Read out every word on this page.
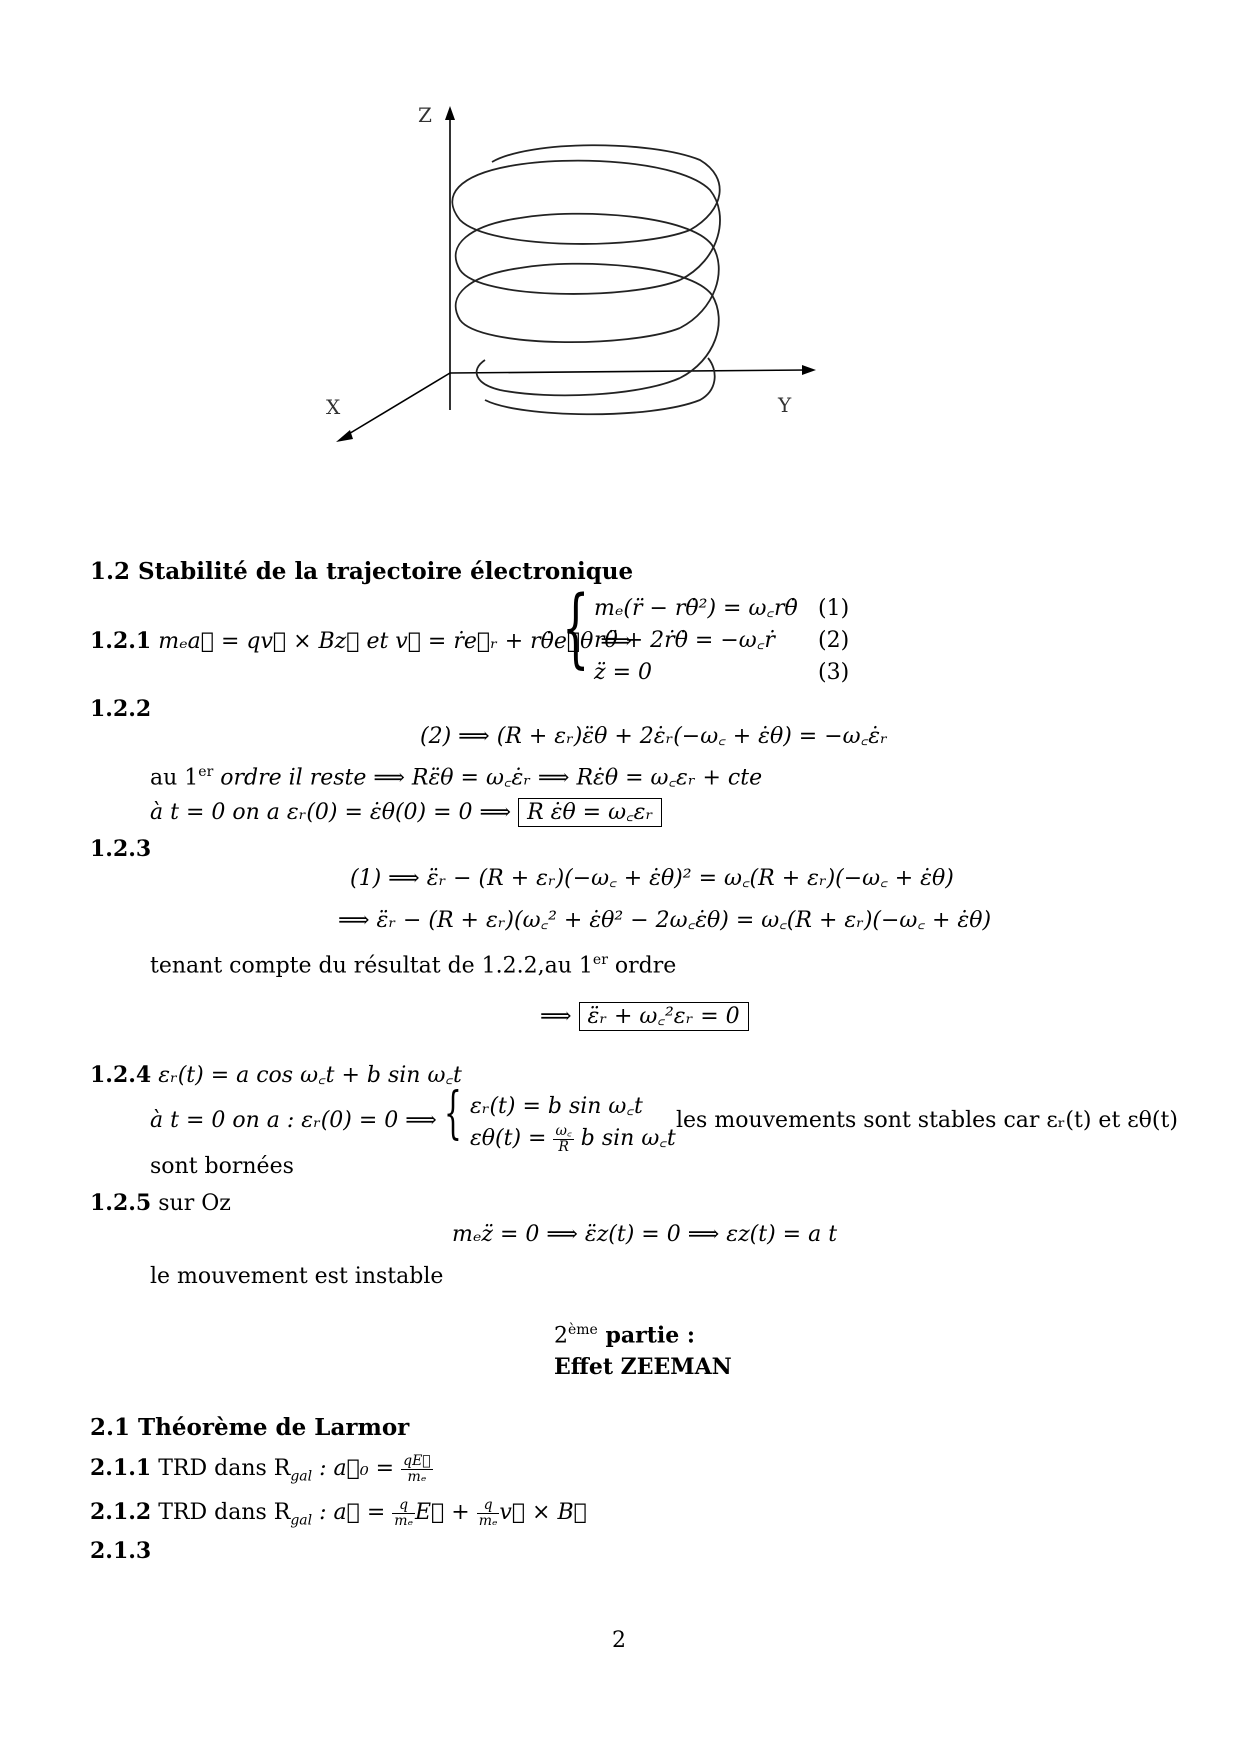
Z
Y
X
1.2 Stabilité de la trajectoire électronique
1.2.1 mₑa⃗ = qv⃗ × Bz⃗ et v⃗ = ṙe⃗ᵣ + rθ̇e⃗θ ⟹
{ mₑ(r̈ − rθ̇²) = ω꜀rθ̇
rθ̈ + 2ṙθ̇ = −ω꜀ṙ
z̈ = 0
(1)
(2)
(3)
1.2.2
(2) ⟹ (R + εᵣ)ε̈θ + 2ε̇ᵣ(−ω꜀ + ε̇θ) = −ω꜀ε̇ᵣ
au 1er ordre il reste ⟹ Rε̈θ = ω꜀ε̇ᵣ ⟹ Rε̇θ = ω꜀εᵣ + cte
à t = 0 on a εᵣ(0) = ε̇θ(0) = 0 ⟹ R ε̇θ = ω꜀εᵣ
1.2.3
(1) ⟹ ε̈ᵣ − (R + εᵣ)(−ω꜀ + ε̇θ)² = ω꜀(R + εᵣ)(−ω꜀ + ε̇θ)
⟹ ε̈ᵣ − (R + εᵣ)(ω꜀² + ε̇θ² − 2ω꜀ε̇θ) = ω꜀(R + εᵣ)(−ω꜀ + ε̇θ)
tenant compte du résultat de 1.2.2,au 1er ordre
⟹ ε̈ᵣ + ω꜀²εᵣ = 0
1.2.4 εᵣ(t) = a cos ω꜀t + b sin ω꜀t
à t = 0 on a : εᵣ(0) = 0 ⟹ { εᵣ(t) = b sin ω꜀t
$\varepsilon\theta(t) = \frac{\omega꜀}{R}$ b sin ω꜀t
les mouvements sont stables car εᵣ(t) et εθ(t)
sont bornées
1.2.5 sur Oz
mₑz̈ = 0 ⟹ ε̈z(t) = 0 ⟹ εz(t) = a t
le mouvement est instable
2ème partie :
Effet ZEEMAN
2.1 Théorème de Larmor
2.1.1 TRD dans $R_{gal}$ : a⃗₀ = $\frac{qE⃗}{\text{mₑ}}$
2.1.2 TRD dans $R_{gal}$ : a⃗ = $\frac{q}{\text{mₑ}}$ E⃗ + $\frac{q}{\text{mₑ}}$ v⃗ × B⃗
2.1.3
2
